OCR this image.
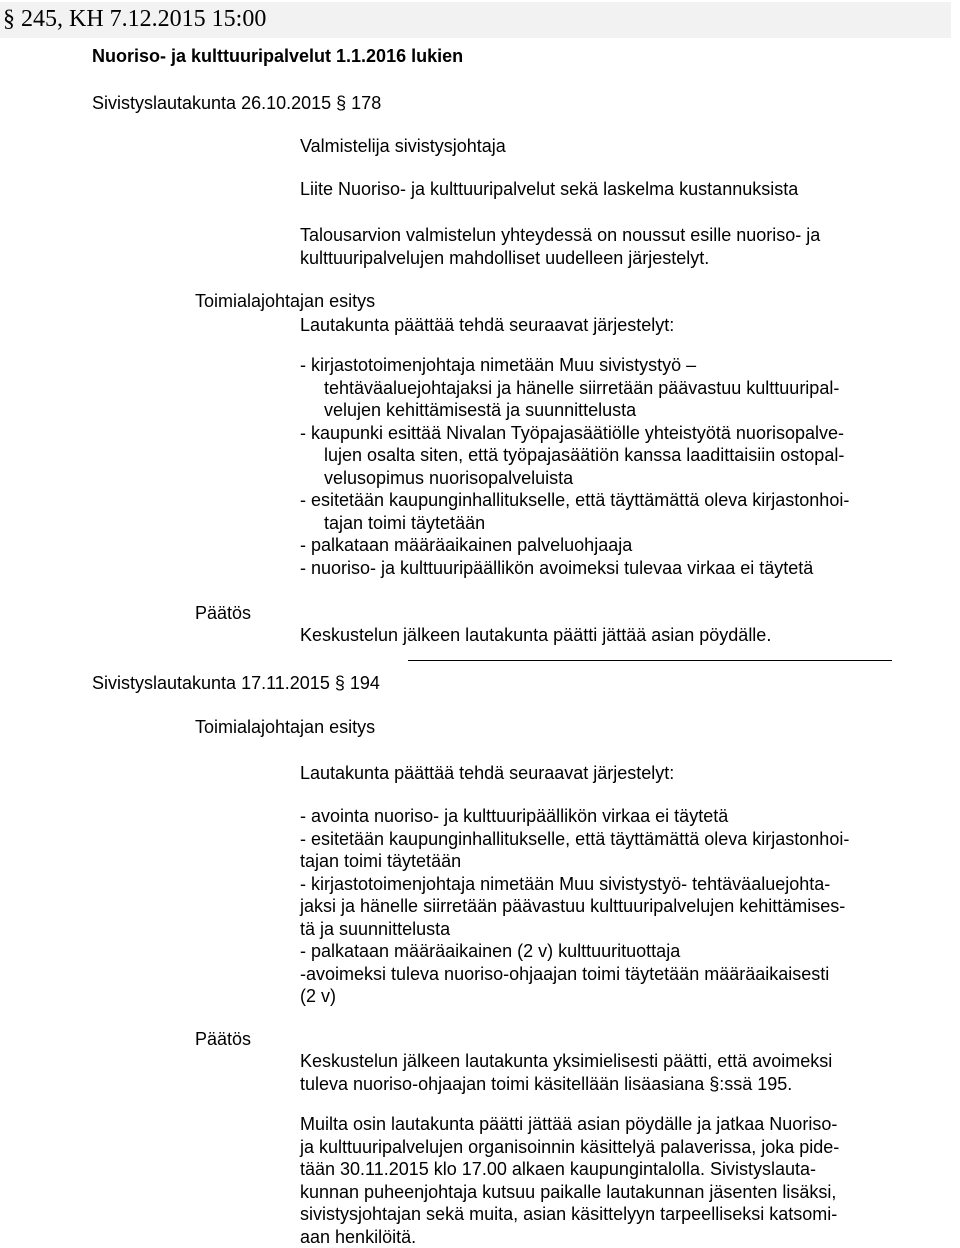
§ 245, KH 7.12.2015 15:00
Nuoriso- ja kulttuuripalvelut 1.1.2016 lukien
Sivistyslautakunta 26.10.2015 § 178
Valmistelija sivistysjohtaja
Liite Nuoriso- ja kulttuuripalvelut sekä laskelma kustannuksista
Talousarvion valmistelun yhteydessä on noussut esille nuoriso- ja
kulttuuripalvelujen mahdolliset uudelleen järjestelyt.
Toimialajohtajan esitys
Lautakunta päättää tehdä seuraavat järjestelyt:
- kirjastotoimenjohtaja nimetään Muu sivistystyö –
tehtäväaluejohtajaksi ja hänelle siirretään päävastuu kulttuuripal-
velujen kehittämisestä ja suunnittelusta
- kaupunki esittää Nivalan Työpajasäätiölle yhteistyötä nuorisopalve-
lujen osalta siten, että työpajasäätiön kanssa laadittaisiin ostopal-
velusopimus nuorisopalveluista
- esitetään kaupunginhallitukselle, että täyttämättä oleva kirjastonhoi-
tajan toimi täytetään
- palkataan määräaikainen palveluohjaaja
- nuoriso- ja kulttuuripäällikön avoimeksi tulevaa virkaa ei täytetä
Päätös
Keskustelun jälkeen lautakunta päätti jättää asian pöydälle.
Sivistyslautakunta 17.11.2015 § 194
Toimialajohtajan esitys
Lautakunta päättää tehdä seuraavat järjestelyt:
- avointa nuoriso- ja kulttuuripäällikön virkaa ei täytetä
- esitetään kaupunginhallitukselle, että täyttämättä oleva kirjastonhoi-
tajan toimi täytetään
- kirjastotoimenjohtaja nimetään Muu sivistystyö- tehtäväaluejohta-
jaksi ja hänelle siirretään päävastuu kulttuuripalvelujen kehittämises-
tä ja suunnittelusta
- palkataan määräaikainen (2 v) kulttuurituottaja
-avoimeksi tuleva nuoriso-ohjaajan toimi täytetään määräaikaisesti
(2 v)
Päätös
Keskustelun jälkeen lautakunta yksimielisesti päätti, että avoimeksi
tuleva nuoriso-ohjaajan toimi käsitellään lisäasiana §:ssä 195.
Muilta osin lautakunta päätti jättää asian pöydälle ja jatkaa Nuoriso-
ja kulttuuripalvelujen organisoinnin käsittelyä palaverissa, joka pide-
tään 30.11.2015 klo 17.00 alkaen kaupungintalolla. Sivistyslauta-
kunnan puheenjohtaja kutsuu paikalle lautakunnan jäsenten lisäksi,
sivistysjohtajan sekä muita, asian käsittelyyn tarpeelliseksi katsomi-
aan henkilöitä.
